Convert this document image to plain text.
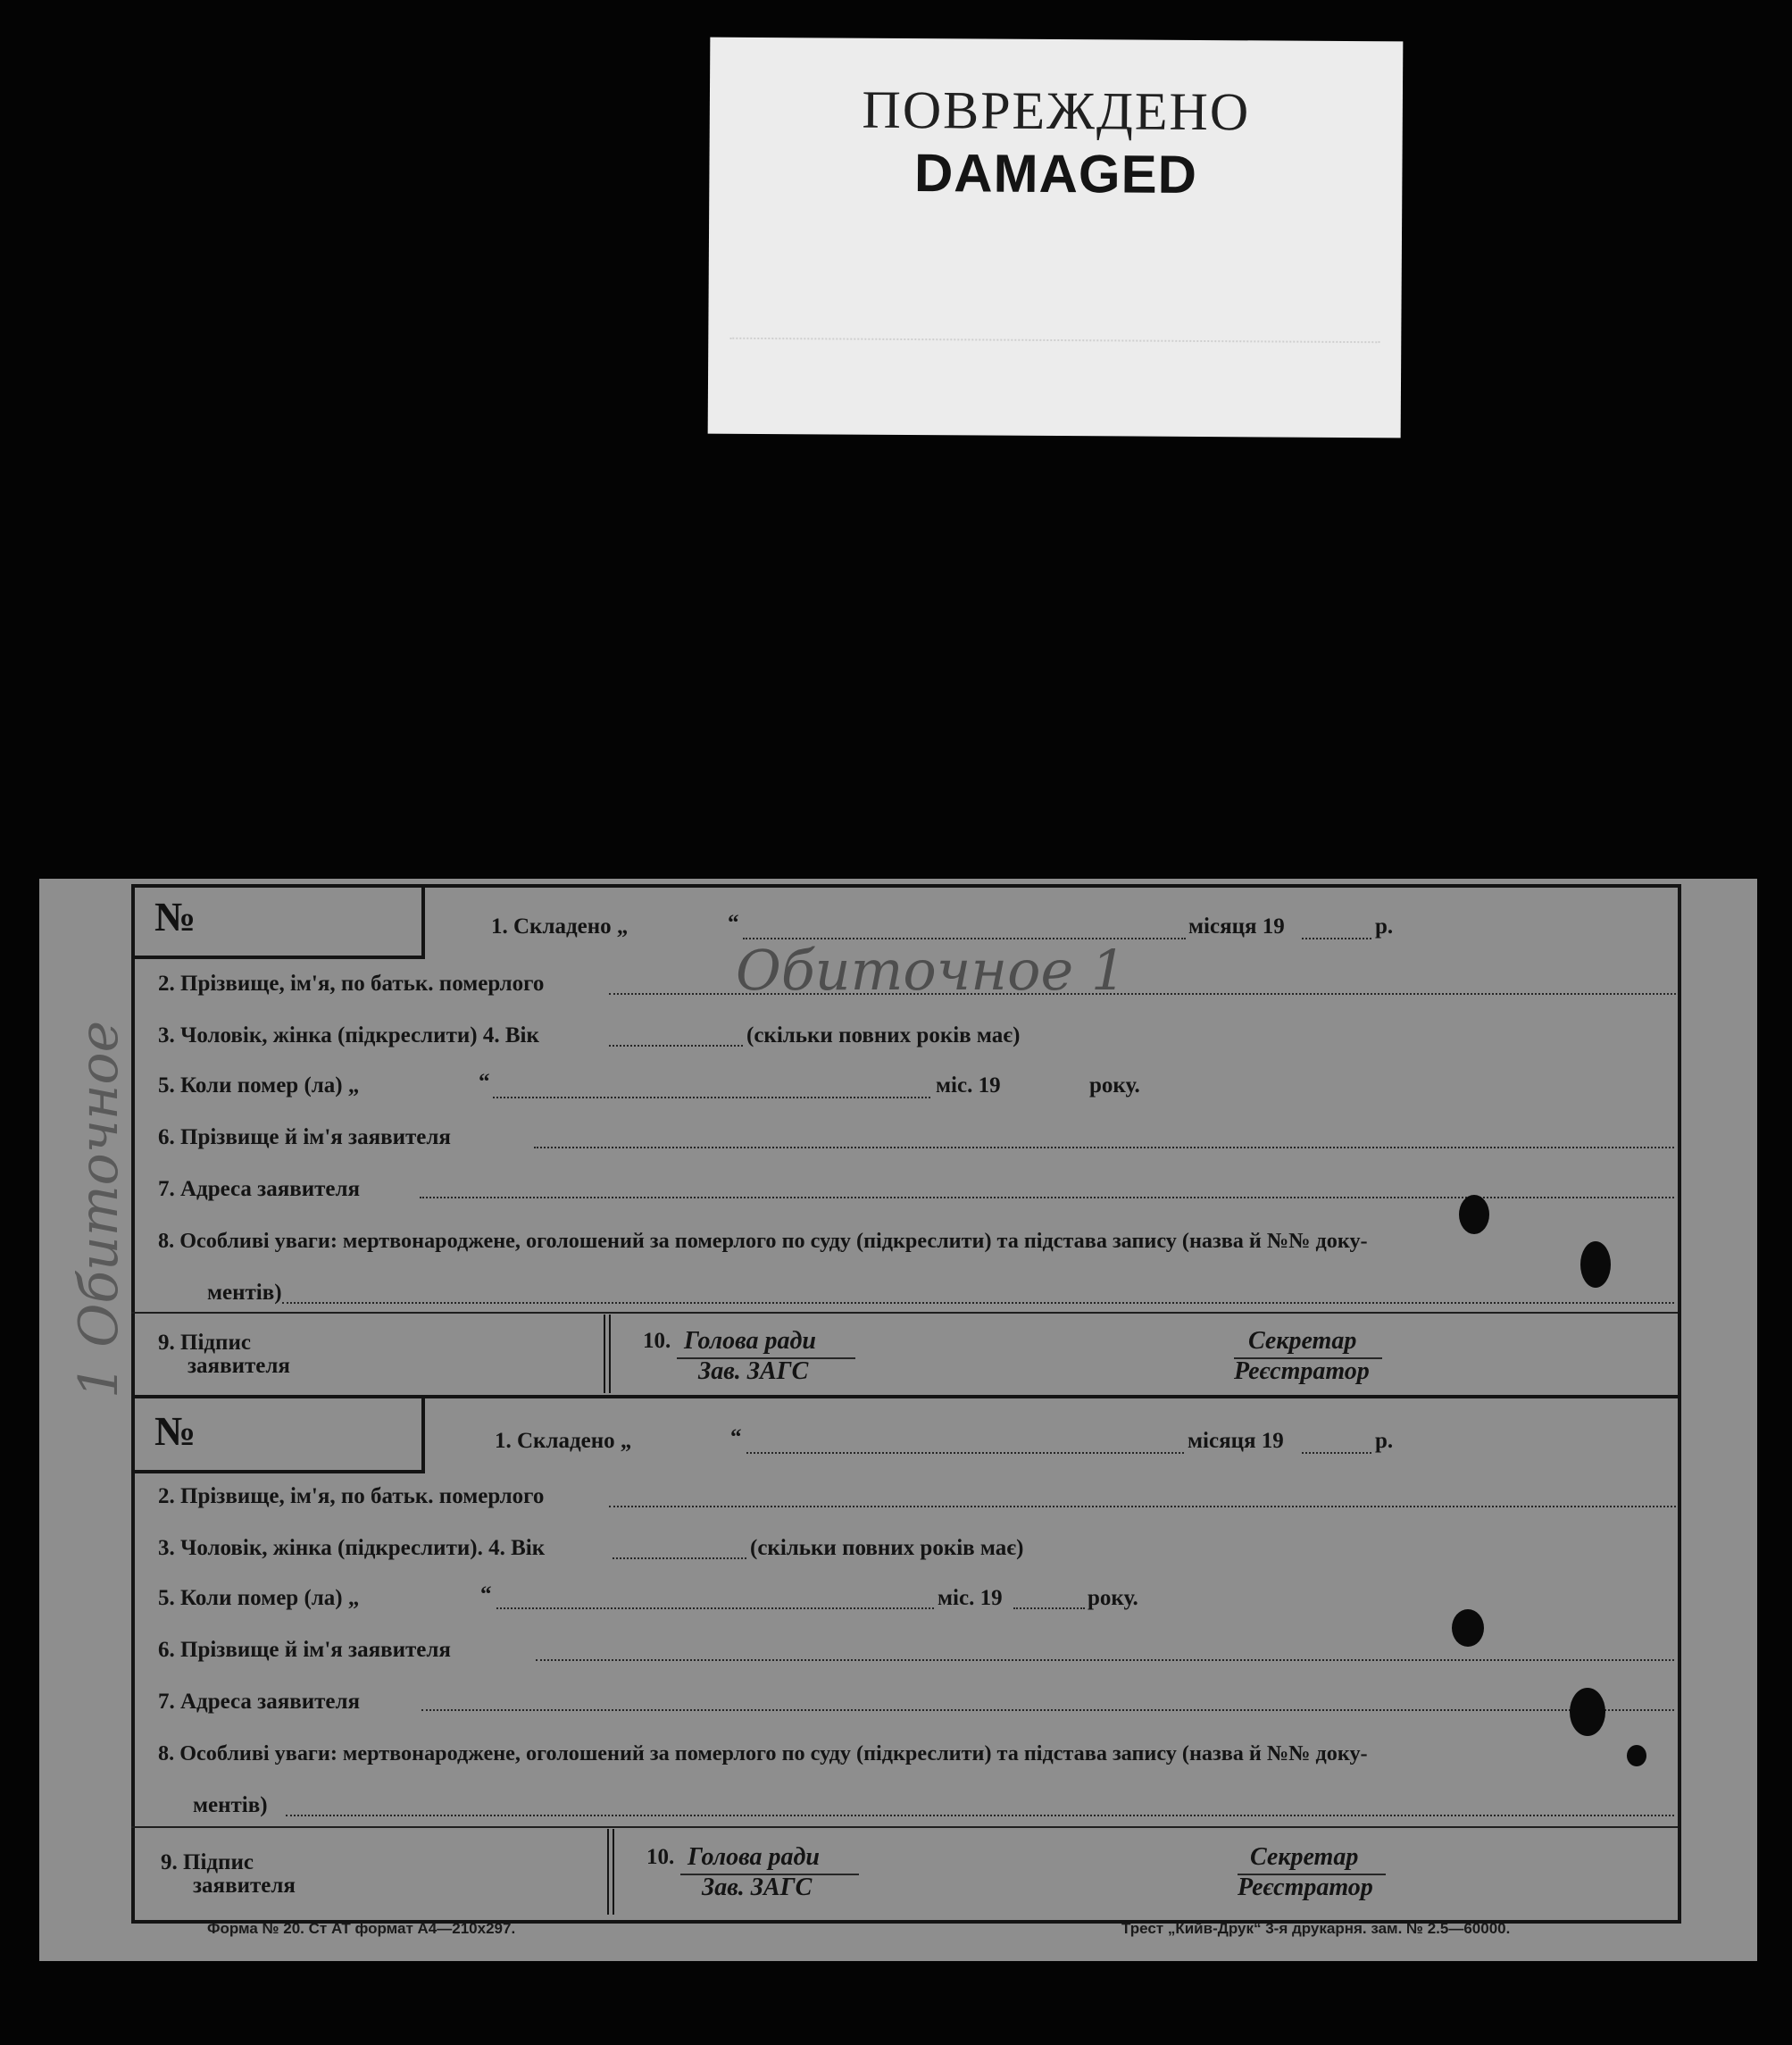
ПОВРЕЖДЕНО
DAMAGED
1 Обиточное
№	1. Складено „	“	місяця 19	р.
2. Прізвище, ім'я, по батьк. померлого	Обиточное 1
3. Чоловік, жінка (підкреслити) 4. Вік	(скільки повних років має)
5. Коли помер (ла) „	“	міс. 19	року.
6. Прізвище й ім'я заявителя
7. Адреса заявителя
8. Особливі уваги: мертвонароджене, оголошений за померлого по суду (підкреслити) та підстава запису (назва й №№ доку-
ментів)
9. Підпис
заявителя
10. Голова ради
Зав. ЗАГС
Секретар
Реєстратор
№	1. Складено „	“	місяця 19	р.
2. Прізвище, ім'я, по батьк. померлого
3. Чоловік, жінка (підкреслити). 4. Вік	(скільки повних років має)
5. Коли помер (ла) „	“	міс. 19	року.
6. Прізвище й ім'я заявителя
7. Адреса заявителя
8. Особливі уваги: мертвонароджене, оголошений за померлого по суду (підкреслити) та підстава запису (назва й №№ доку-
ментів)
9. Підпис
заявителя
10. Голова ради
Зав. ЗАГС
Секретар
Реєстратор
Форма № 20. Ст АТ формат А4—210х297.	Трест „Кийв-Друк“ 3-я друкарня. зам. № 2.5—60000.
